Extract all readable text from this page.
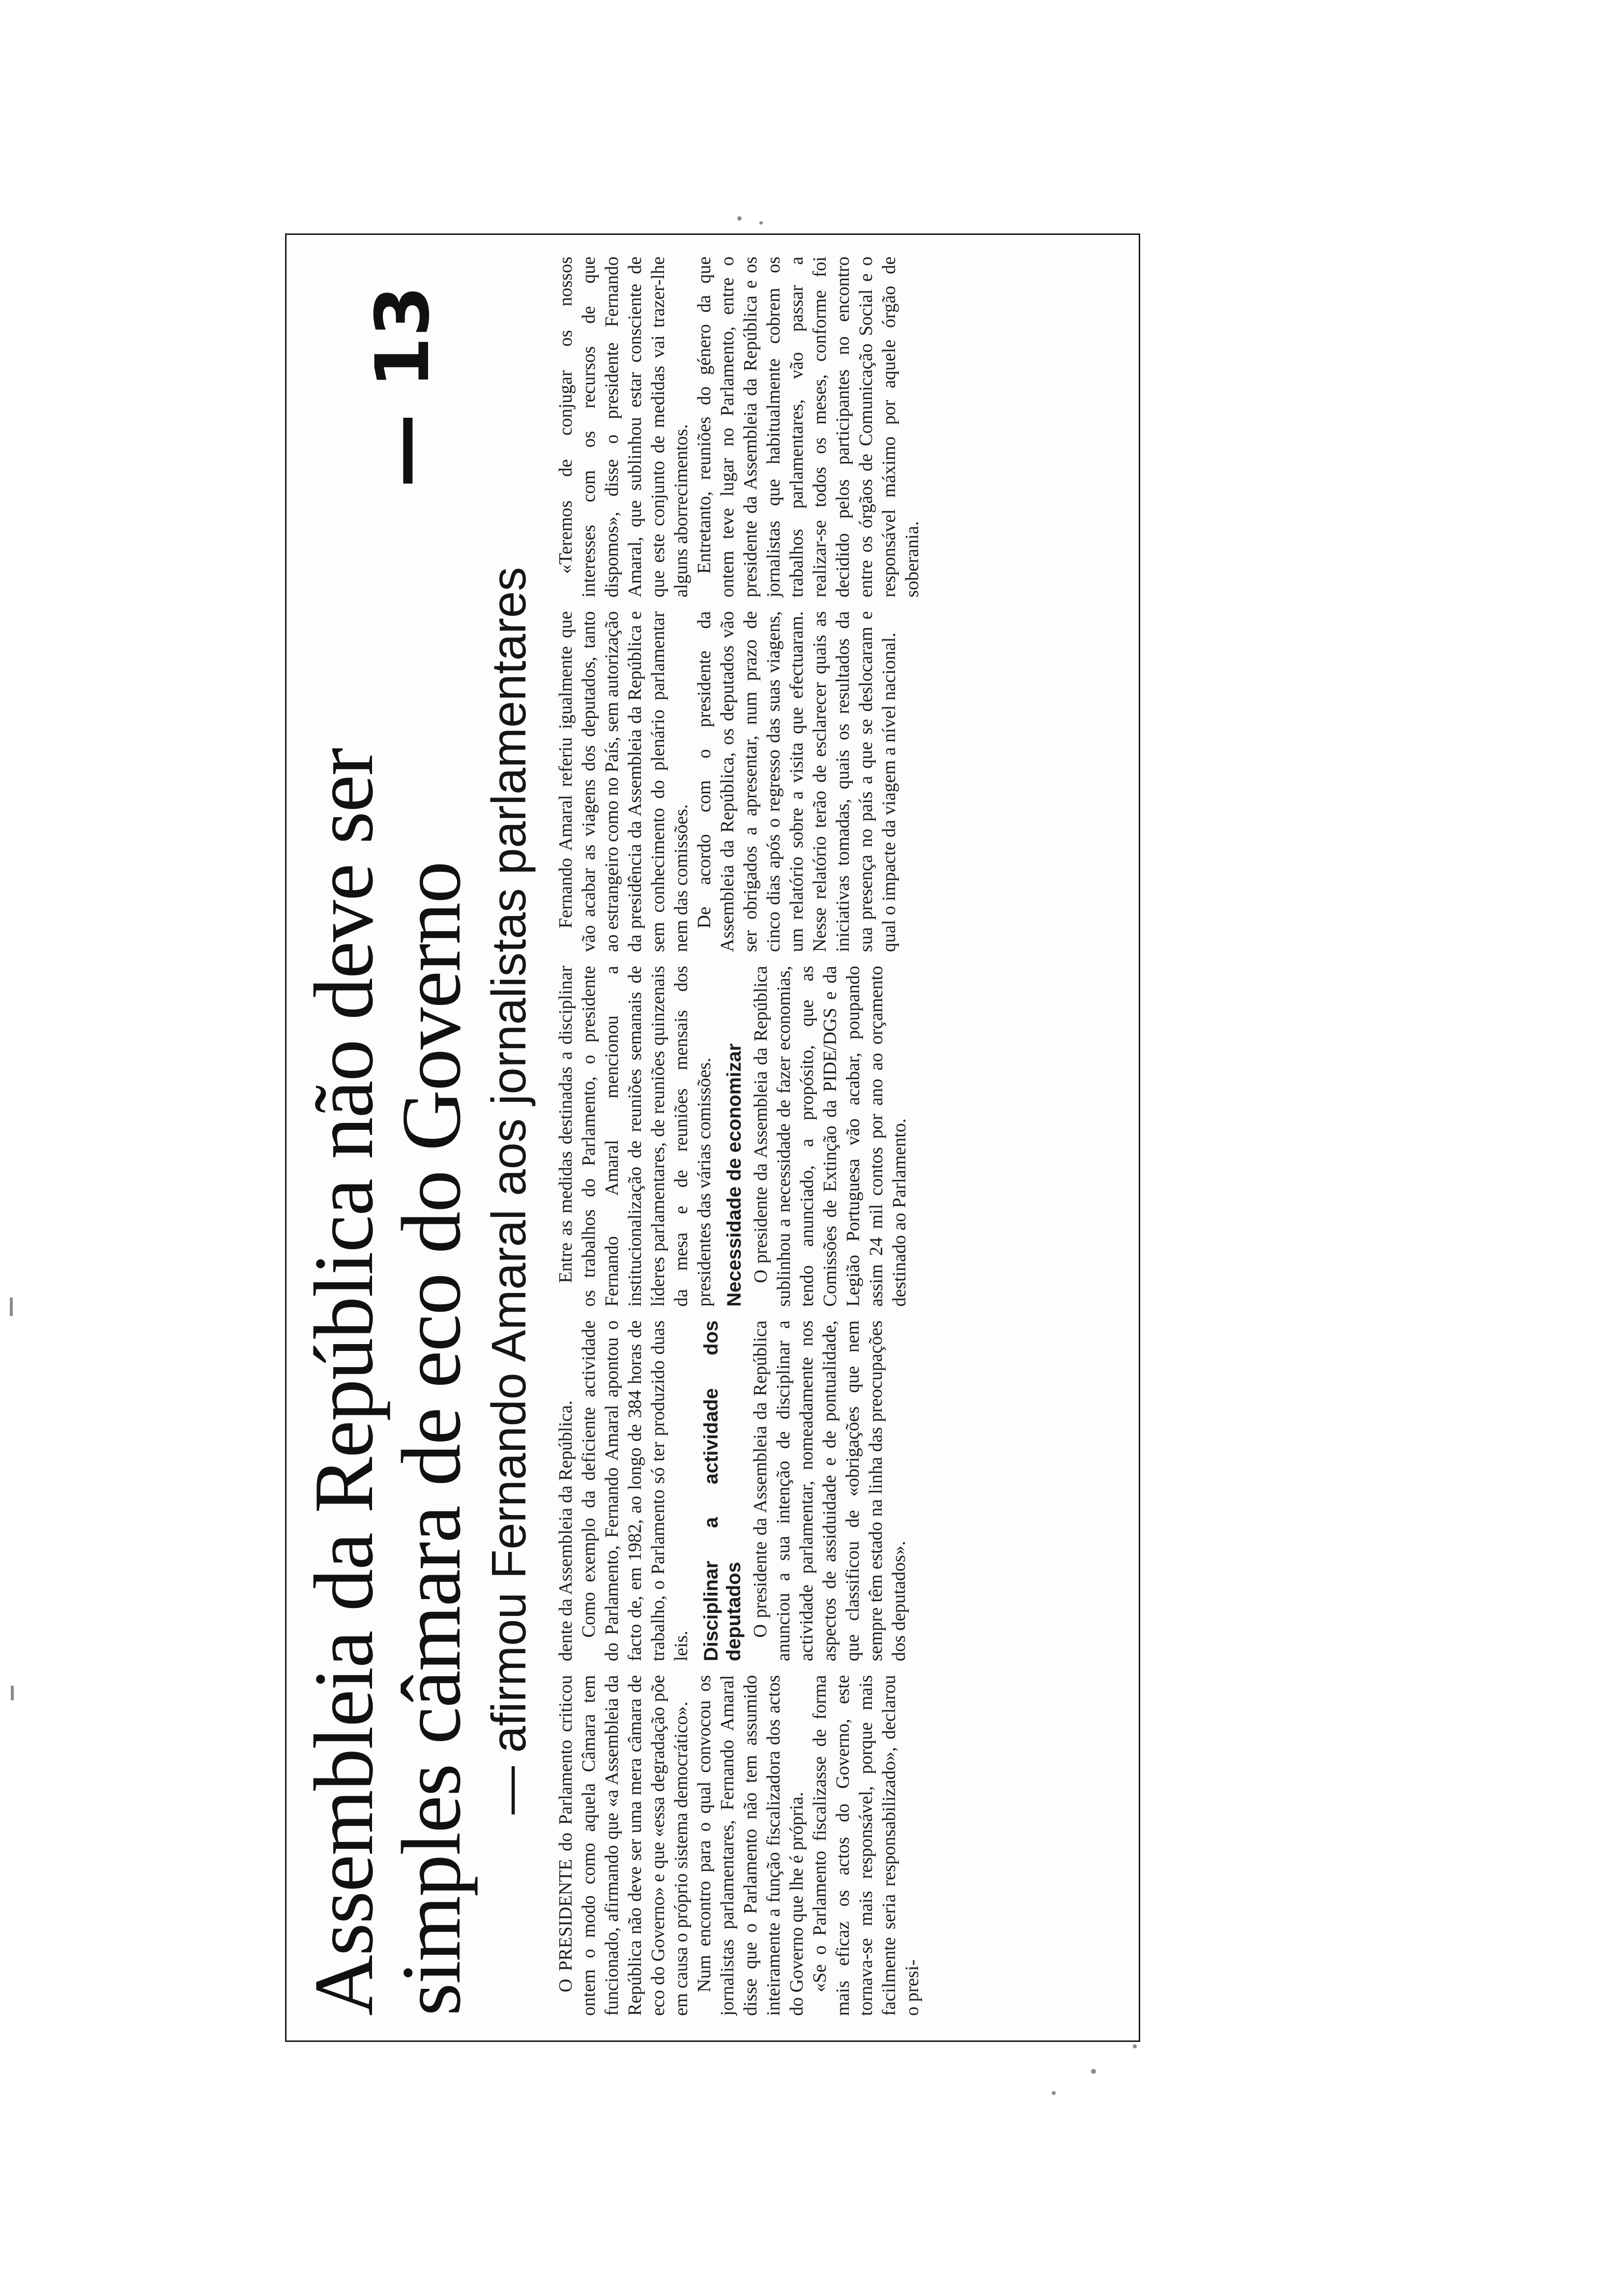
Assembleia da República não deve ser
simples câmara de eco do Governo
— 13
— afirmou Fernando Amaral aos jornalistas parlamentares

O PRESIDENTE do Parlamento criticou ontem o modo como aquela Câmara tem funcionado, afirmando que «a Assembleia da República não deve ser uma mera câmara de eco do Governo» e que «essa degradação põe em causa o próprio sistema democrático». Num encontro para o qual convocou os jornalistas parlamentares, Fernando Amaral disse que o Parlamento não tem assumido inteiramente a função fiscalizadora dos actos do Governo que lhe é própria. «Se o Parlamento fiscalizasse de forma mais eficaz os actos do Governo, este tornava-se mais responsável, porque mais facilmente seria responsabilizado», declarou o presi-

dente da Assembleia da República. Como exemplo da deficiente actividade do Parlamento, Fernando Amaral apontou o facto de, em 1982, ao longo de 384 horas de trabalho, o Parlamento só ter produzido duas leis. Disciplinar a actividade dos deputados O presidente da Assembleia da República anunciou a sua intenção de disciplinar a actividade parlamentar, nomeadamente nos aspectos de assiduidade e de pontualidade, que classificou de «obrigações que nem sempre têm estado na linha das preocupações dos deputados».

Entre as medidas destinadas a disciplinar os trabalhos do Parlamento, o presidente Fernando Amaral mencionou a institucionalização de reuniões semanais de líderes parlamentares, de reuniões quinzenais da mesa e de reuniões mensais dos presidentes das várias comissões. Necessidade de economizar O presidente da Assembleia da República sublinhou a necessidade de fazer economias, tendo anunciado, a propósito, que as Comissões de Extinção da PIDE/DGS e da Legião Portuguesa vão acabar, poupando assim 24 mil contos por ano ao orçamento destinado ao Parlamento.

Fernando Amaral referiu igualmente que vão acabar as viagens dos deputados, tanto ao estrangeiro como no País, sem autorização da presidência da Assembleia da República e sem conhecimento do plenário parlamentar nem das comissões. De acordo com o presidente da Assembleia da República, os deputados vão ser obrigados a apresentar, num prazo de cinco dias após o regresso das suas viagens, um relatório sobre a visita que efectuaram. Nesse relatório terão de esclarecer quais as iniciativas tomadas, quais os resultados da sua presença no país a que se deslocaram e qual o impacte da viagem a nível nacional.

«Teremos de conjugar os nossos interesses com os recursos de que dispomos», disse o presidente Fernando Amaral, que sublinhou estar consciente de que este conjunto de medidas vai trazer-lhe alguns aborrecimentos. Entretanto, reuniões do género da que ontem teve lugar no Parlamento, entre o presidente da Assembleia da República e os jornalistas que habitualmente cobrem os trabalhos parlamentares, vão passar a realizar-se todos os meses, conforme foi decidido pelos participantes no encontro entre os órgãos de Comunicação Social e o responsável máximo por aquele órgão de soberania.
